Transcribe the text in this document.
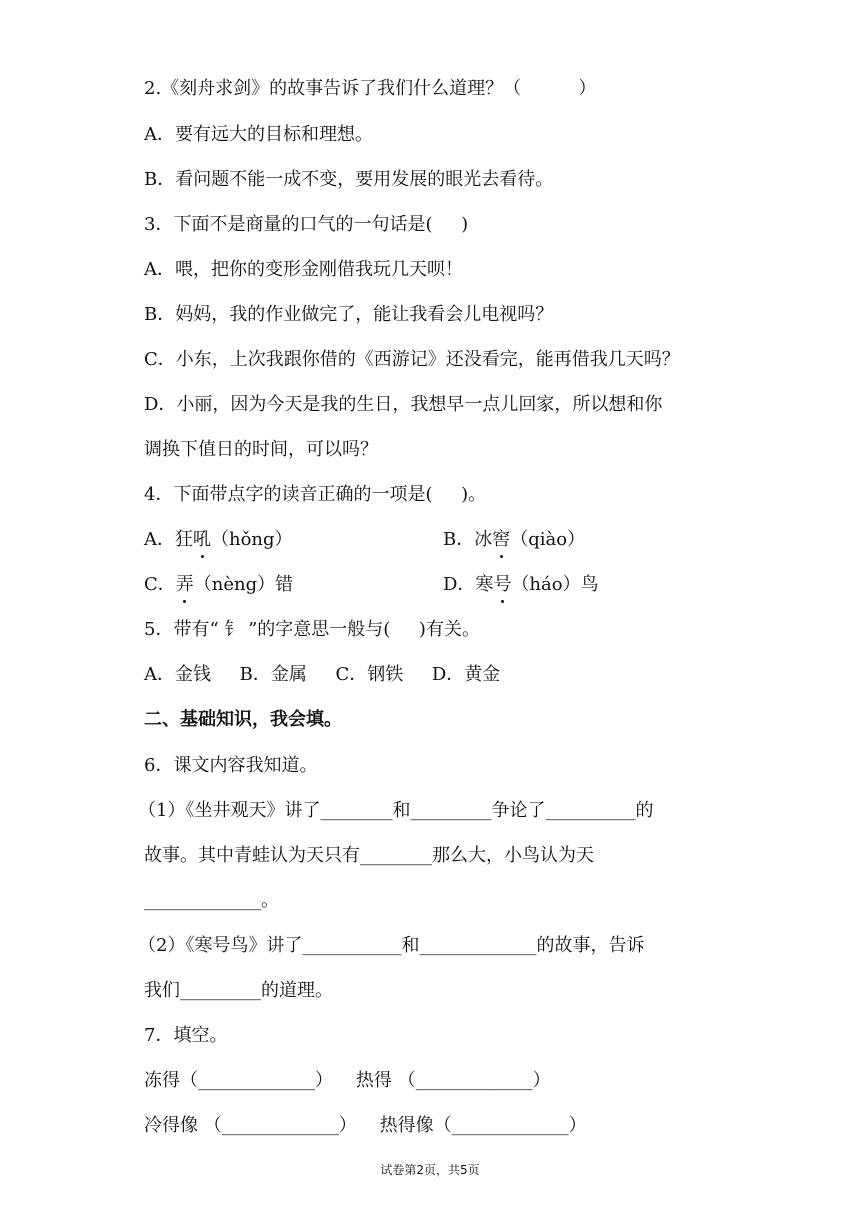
2.《刻舟求剑》的故事告诉了我们什么道理？（          ）
A．要有远大的目标和理想。
B．看问题不能一成不变，要用发展的眼光去看待。
3．下面不是商量的口气的一句话是(     )
A．喂，把你的变形金刚借我玩几天呗！
B．妈妈，我的作业做完了，能让我看会儿电视吗？
C．小东，上次我跟你借的《西游记》还没看完，能再借我几天吗？
D．小丽，因为今天是我的生日，我想早一点儿回家，所以想和你
调换下值日的时间，可以吗？
4．下面带点字的读音正确的一项是(     )。
A．狂吼（hǒng）	B．冰窖（qiào）
C．弄（nèng）错	D．寒号（háo）鸟
5．带有“ 钅 ”的字意思一般与(     )有关。
A．金钱     B．金属     C．钢铁     D．黄金
二、基础知识，我会填。
6．课文内容我知道。
（1）《坐井观天》讲了________和_________争论了__________的
故事。其中青蛙认为天只有________那么大，小鸟认为天
_____________。
（2）《寒号鸟》讲了___________和_____________的故事，告诉
我们_________的道理。
7．填空。
冻得（_____________）    热得 （_____________）
冷得像 （_____________）    热得像（_____________）
试卷第2页，共5页
